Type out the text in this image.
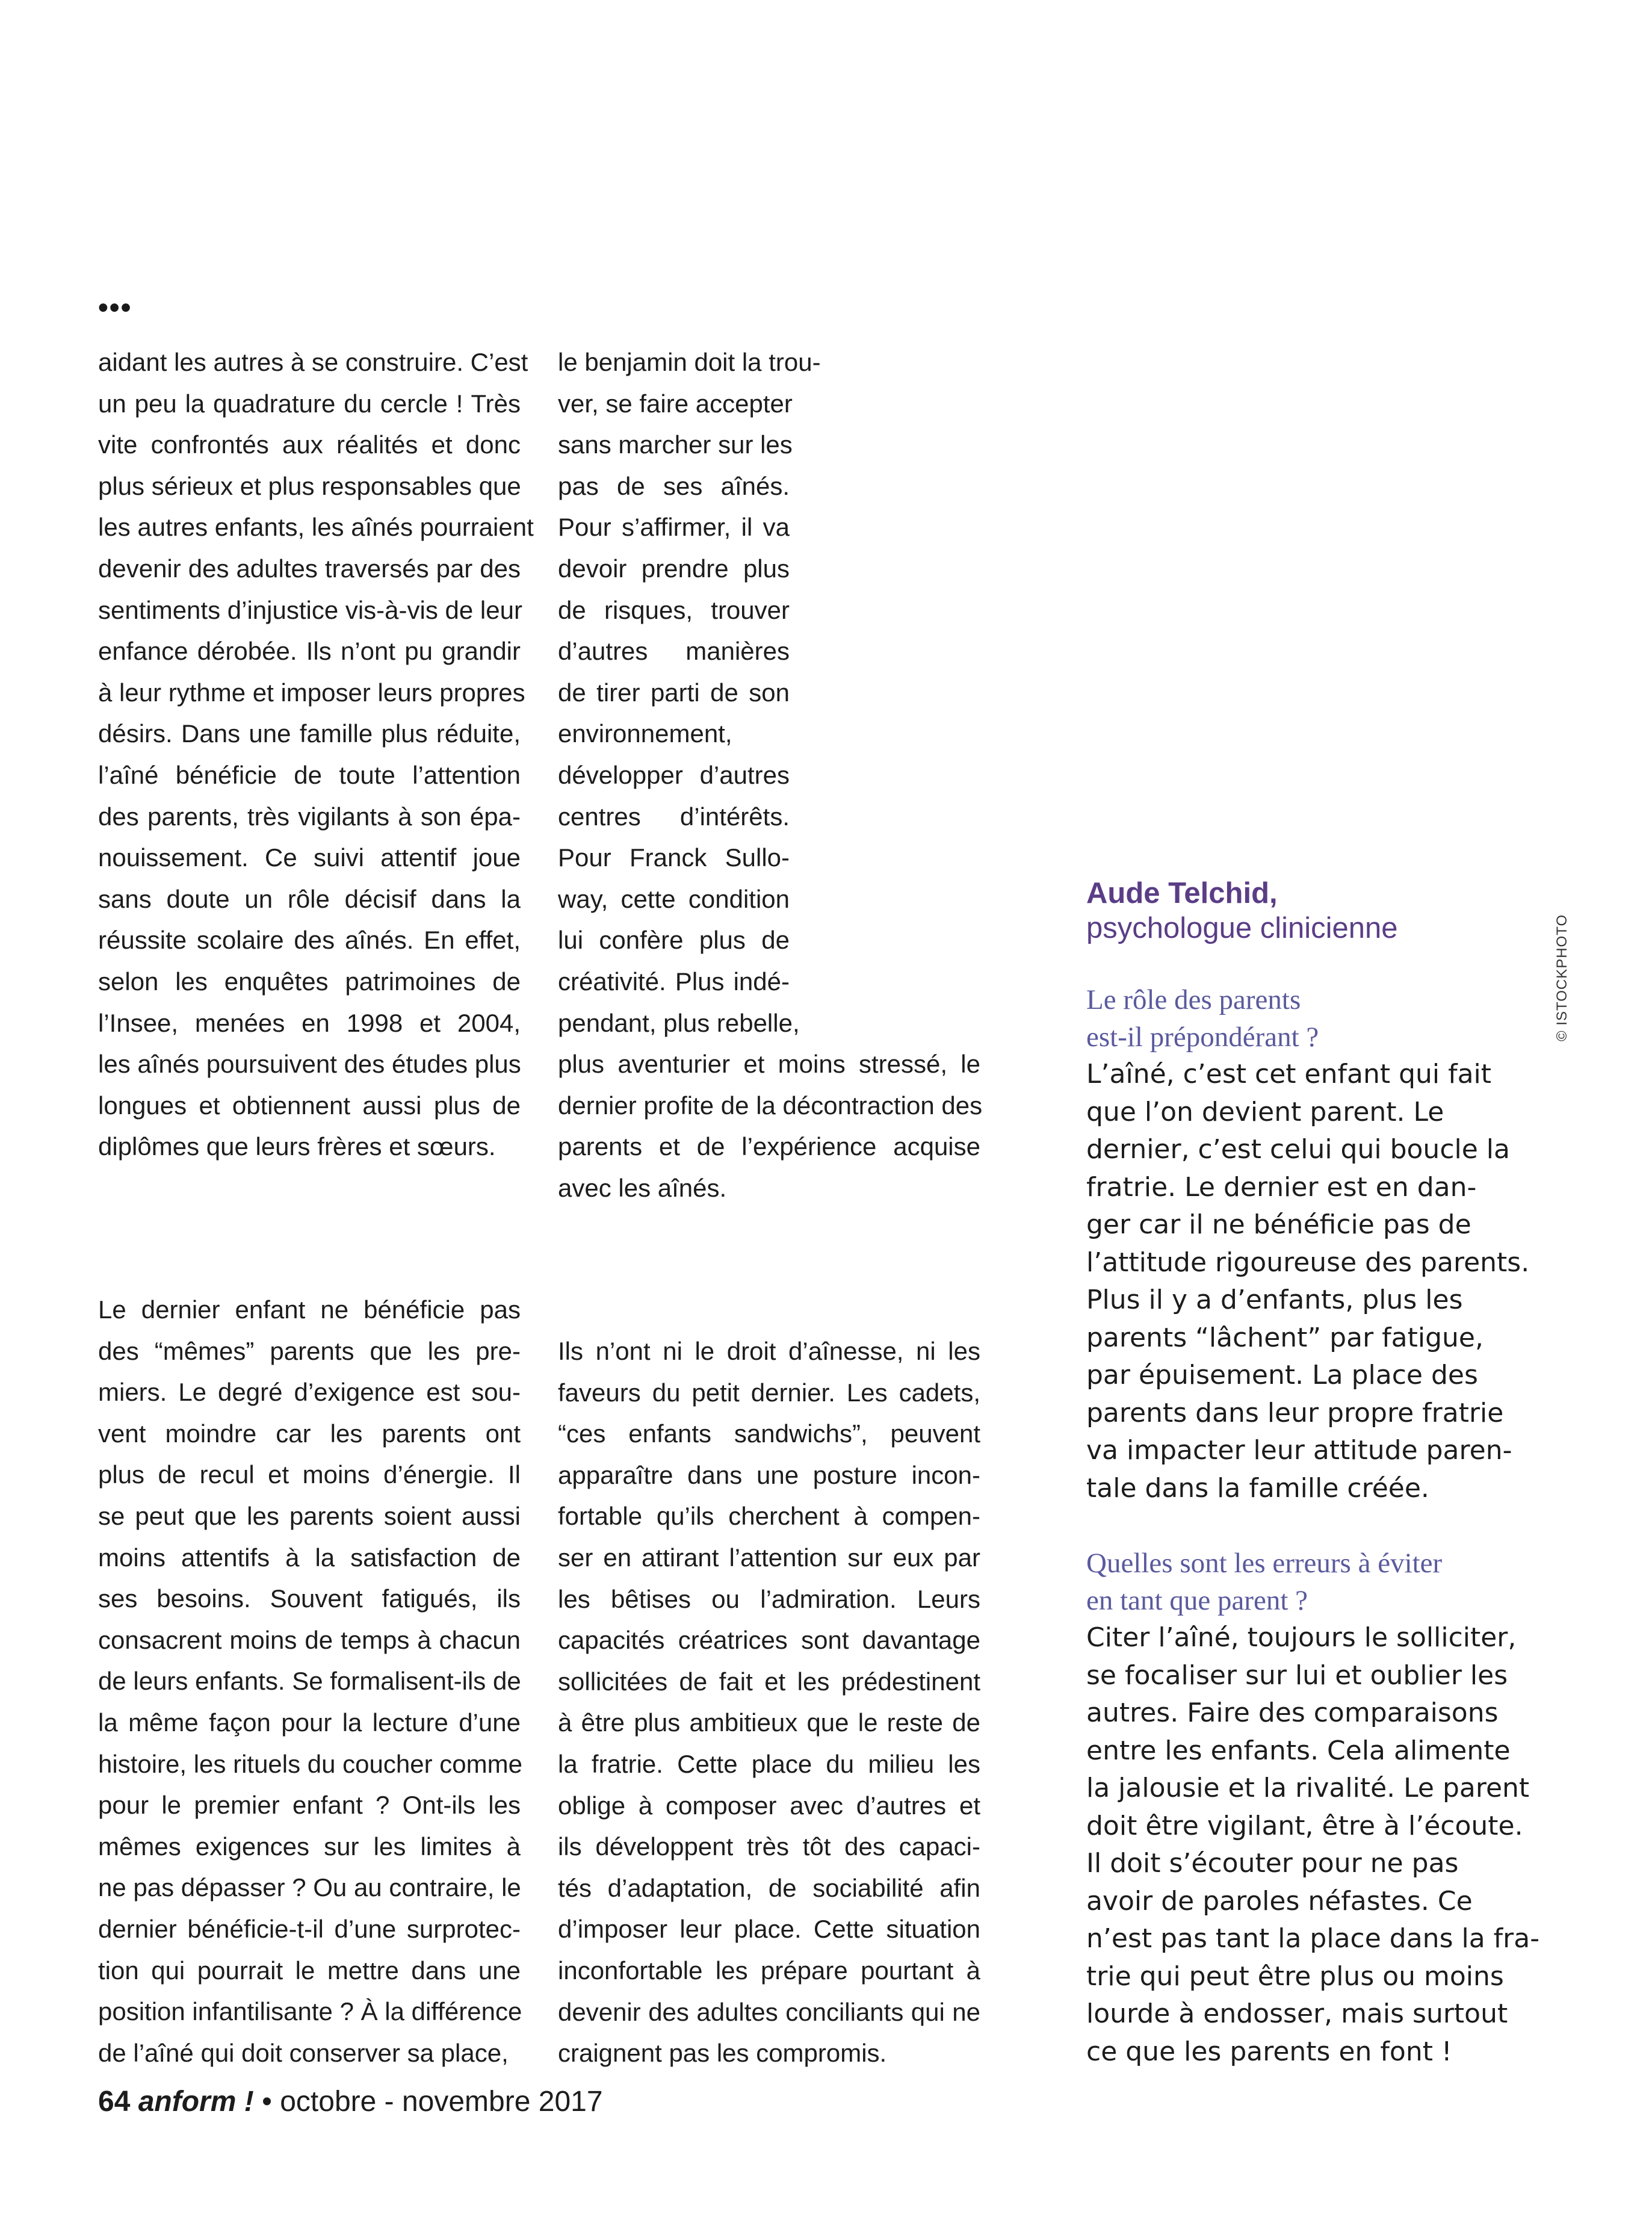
•••
aidant les autres à se construire. C’est
un peu la quadrature du cercle ! Très
vite confrontés aux réalités et donc
plus sérieux et plus responsables que
les autres enfants, les aînés pourraient
devenir des adultes traversés par des
sentiments d’injustice vis-à-vis de leur
enfance dérobée. Ils n’ont pu grandir
à leur rythme et imposer leurs propres
désirs. Dans une famille plus réduite,
l’aîné bénéficie de toute l’attention
des parents, très vigilants à son épa-
nouissement. Ce suivi attentif joue
sans doute un rôle décisif dans la
réussite scolaire des aînés. En effet,
selon les enquêtes patrimoines de
l’Insee, menées en 1998 et 2004,
les aînés poursuivent des études plus
longues et obtiennent aussi plus de
diplômes que leurs frères et sœurs.
le benjamin doit la trou-
ver, se faire accepter
sans marcher sur les
pas de ses aînés.
Pour s’affirmer, il va
devoir prendre plus
de risques, trouver
d’autres manières
de tirer parti de son
environnement,
développer d’autres
centres d’intérêts.
Pour Franck Sullo-
way, cette condition
lui confère plus de
créativité. Plus indé-
pendant, plus rebelle,
plus aventurier et moins stressé, le
dernier profite de la décontraction des
parents et de l’expérience acquise
avec les aînés.
Le dernier enfant ne bénéficie pas
des “mêmes” parents que les pre-
miers. Le degré d’exigence est sou-
vent moindre car les parents ont
plus de recul et moins d’énergie. Il
se peut que les parents soient aussi
moins attentifs à la satisfaction de
ses besoins. Souvent fatigués, ils
consacrent moins de temps à chacun
de leurs enfants. Se formalisent-ils de
la même façon pour la lecture d’une
histoire, les rituels du coucher comme
pour le premier enfant ? Ont-ils les
mêmes exigences sur les limites à
ne pas dépasser ? Ou au contraire, le
dernier bénéficie-t-il d’une surprotec-
tion qui pourrait le mettre dans une
position infantilisante ? À la différence
de l’aîné qui doit conserver sa place,
Ils n’ont ni le droit d’aînesse, ni les
faveurs du petit dernier. Les cadets,
“ces enfants sandwichs”, peuvent
apparaître dans une posture incon-
fortable qu’ils cherchent à compen-
ser en attirant l’attention sur eux par
les bêtises ou l’admiration. Leurs
capacités créatrices sont davantage
sollicitées de fait et les prédestinent
à être plus ambitieux que le reste de
la fratrie. Cette place du milieu les
oblige à composer avec d’autres et
ils développent très tôt des capaci-
tés d’adaptation, de sociabilité afin
d’imposer leur place. Cette situation
inconfortable les prépare pourtant à
devenir des adultes conciliants qui ne
craignent pas les compromis.
Aude Telchid,
psychologue clinicienne
Le rôle des parents
est-il prépondérant ?
L’aîné, c’est cet enfant qui fait
que l’on devient parent. Le
dernier, c’est celui qui boucle la
fratrie. Le dernier est en dan-
ger car il ne bénéficie pas de
l’attitude rigoureuse des parents.
Plus il y a d’enfants, plus les
parents “lâchent” par fatigue,
par épuisement. La place des
parents dans leur propre fratrie
va impacter leur attitude paren-
tale dans la famille créée.
Quelles sont les erreurs à éviter
en tant que parent ?
Citer l’aîné, toujours le solliciter,
se focaliser sur lui et oublier les
autres. Faire des comparaisons
entre les enfants. Cela alimente
la jalousie et la rivalité. Le parent
doit être vigilant, être à l’écoute.
Il doit s’écouter pour ne pas
avoir de paroles néfastes. Ce
n’est pas tant la place dans la fra-
trie qui peut être plus ou moins
lourde à endosser, mais surtout
ce que les parents en font !
© ISTOCKPHOTO
64 anform ! • octobre - novembre 2017
